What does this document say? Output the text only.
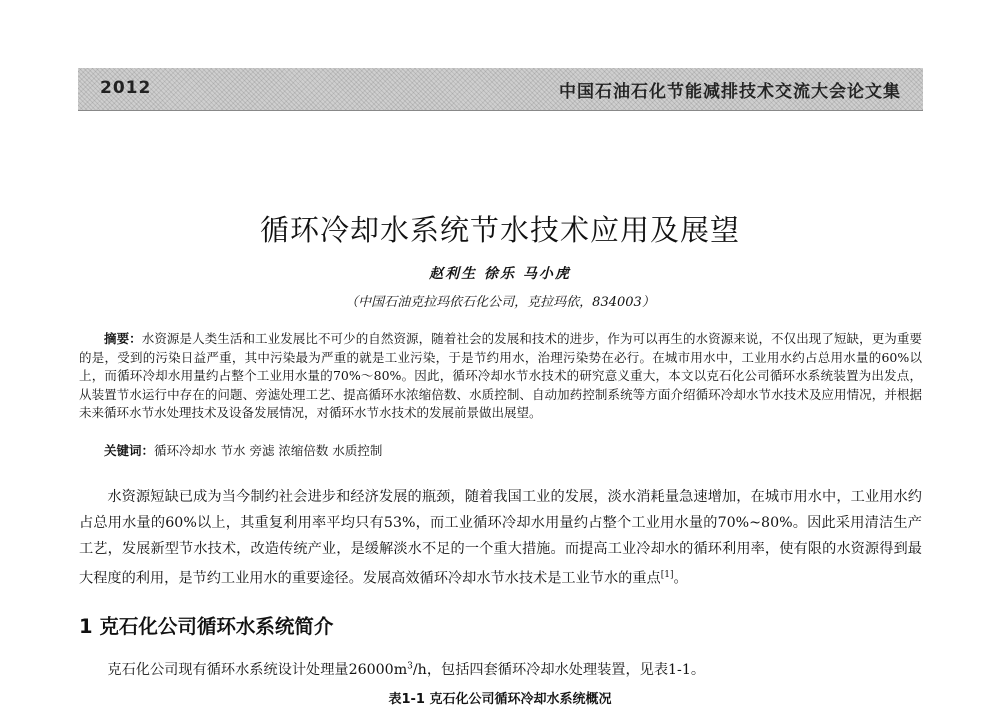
2012	中国石油石化节能减排技术交流大会论文集
循环冷却水系统节水技术应用及展望
赵利生 徐乐 马小虎
（中国石油克拉玛依石化公司，克拉玛依，834003）

摘要：水资源是人类生活和工业发展比不可少的自然资源，随着社会的发展和技术的进步，作为可以再生的水资源来说，不仅出现了短缺，更为重要的是，受到的污染日益严重，其中污染最为严重的就是工业污染，于是节约用水，治理污染势在必行。在城市用水中，工业用水约占总用水量的60%以上，而循环冷却水用量约占整个工业用水量的70%～80%。因此，循环冷却水节水技术的研究意义重大，本文以克石化公司循环水系统装置为出发点，从装置节水运行中存在的问题、旁滤处理工艺、提高循环水浓缩倍数、水质控制、自动加药控制系统等方面介绍循环冷却水节水技术及应用情况，并根据未来循环水节水处理技术及设备发展情况，对循环水节水技术的发展前景做出展望。

关键词：循环冷却水 节水 旁滤 浓缩倍数 水质控制

水资源短缺已成为当今制约社会进步和经济发展的瓶颈，随着我国工业的发展，淡水消耗量急速增加，在城市用水中，工业用水约占总用水量的60%以上，其重复利用率平均只有53%，而工业循环冷却水用量约占整个工业用水量的70%~80%。因此采用清洁生产工艺，发展新型节水技术，改造传统产业，是缓解淡水不足的一个重大措施。而提高工业冷却水的循环利用率，使有限的水资源得到最大程度的利用，是节约工业用水的重要途径。发展高效循环冷却水节水技术是工业节水的重点[1]。

1 克石化公司循环水系统简介

克石化公司现有循环水系统设计处理量$26000m^3/h$，包括四套循环冷却水处理装置，见表1-1。

表1-1 克石化公司循环冷却水系统概况
